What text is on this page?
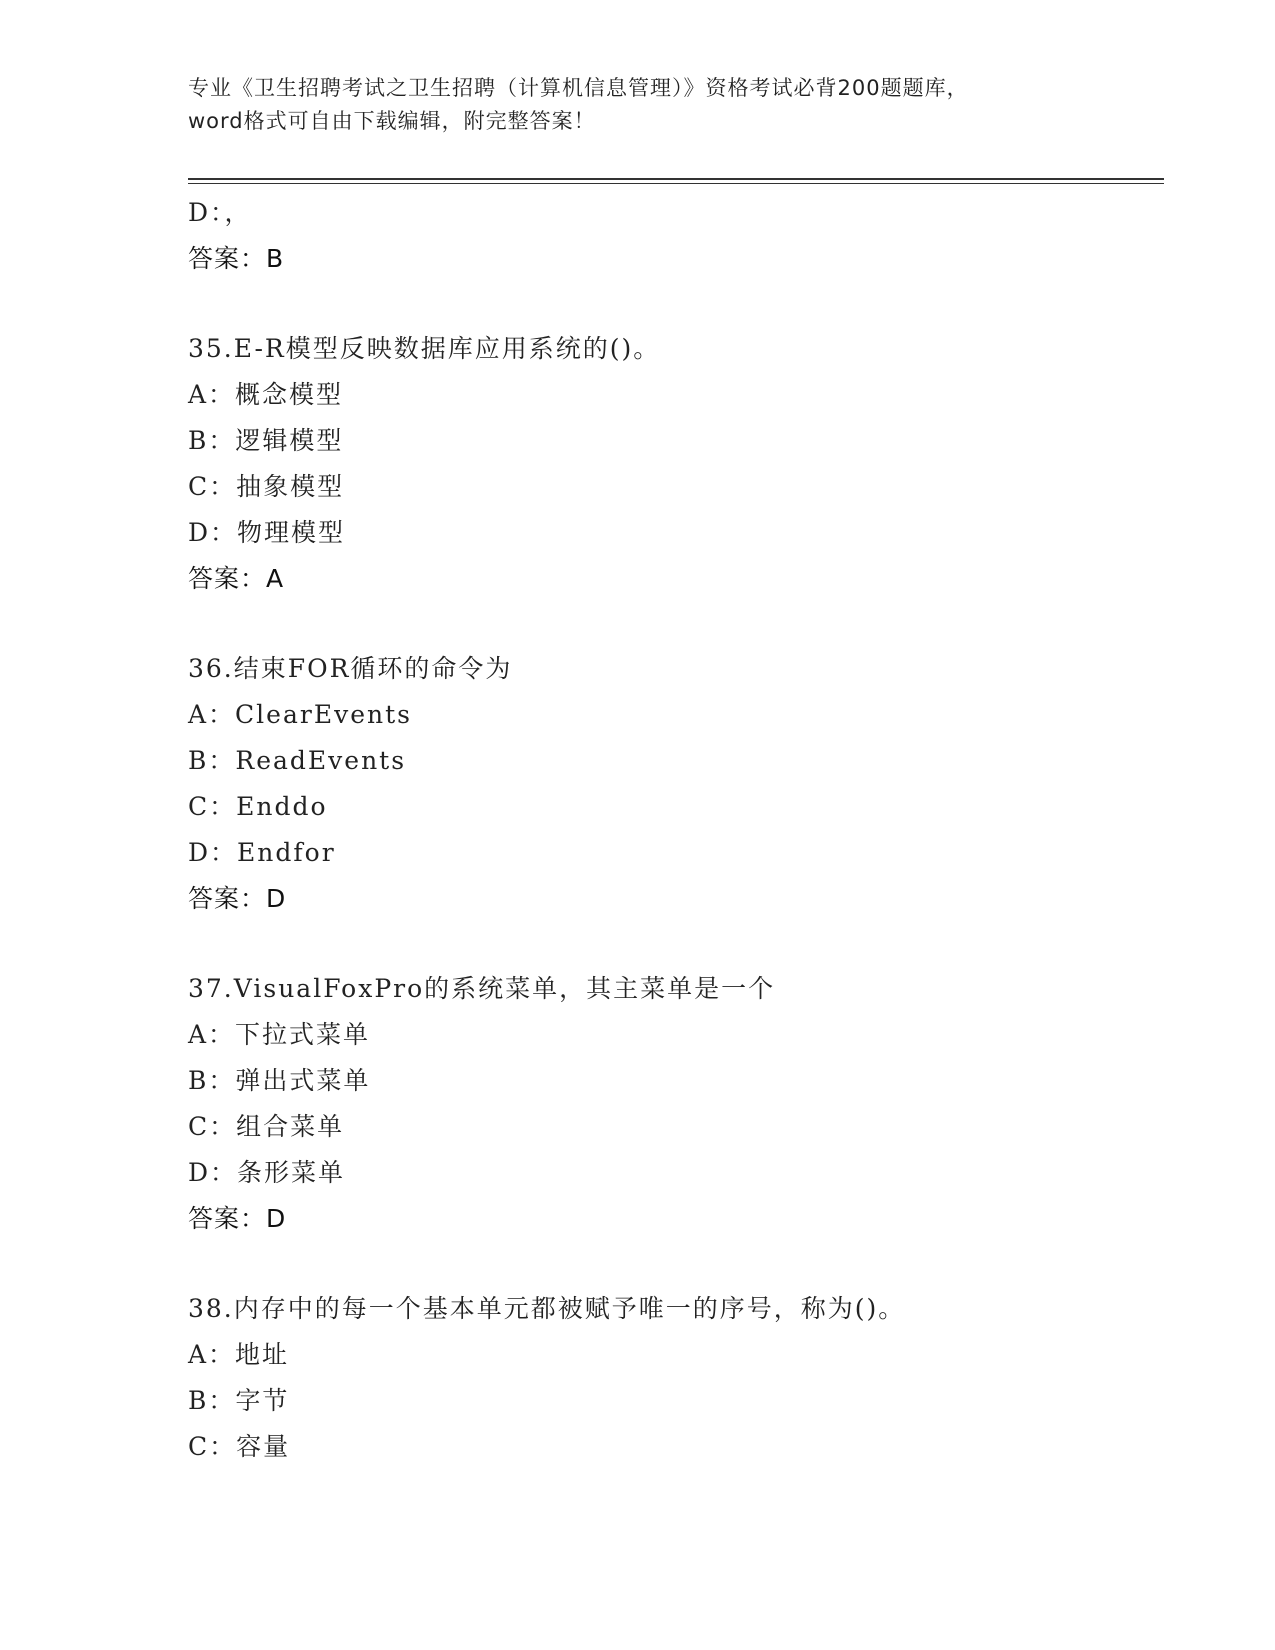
专业《卫生招聘考试之卫生招聘（计算机信息管理）》资格考试必背200题题库，
word格式可自由下载编辑，附完整答案！
D：，
答案：B
35.E-R模型反映数据库应用系统的()。
A：概念模型
B：逻辑模型
C：抽象模型
D：物理模型
答案：A
36.结束FOR循环的命令为
A：ClearEvents
B：ReadEvents
C：Enddo
D：Endfor
答案：D
37.VisualFoxPro的系统菜单，其主菜单是一个
A：下拉式菜单
B：弹出式菜单
C：组合菜单
D：条形菜单
答案：D
38.内存中的每一个基本单元都被赋予唯一的序号，称为()。
A：地址
B：字节
C：容量
